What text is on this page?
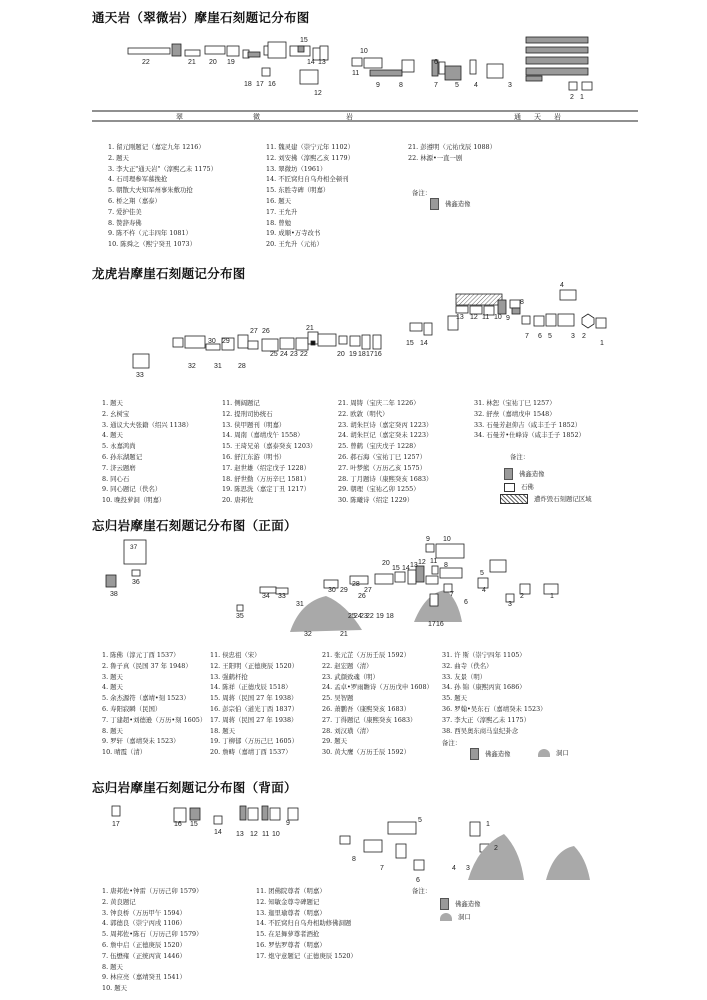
22	21 20 19
18 17 16
15
14 13
12
11
10
9	8	7
6
5 4	3
2 1
翠	微	岩	通 天 岩
1
2
3
4
5
6
7
8
9
10
11
12
13
14
15
16
17
18
19
20
21
22
23
24
25
26
27
28
29
30
31
32
33
1
2
3
4
5
6
7
8
9 10
11
12
13
14
15
16
17
18
19
20
21
22
23
24
25
26
27
28
29
30
31
32
33
34
35
36
37
38
1
2
3
4
5
6
7
8
9
10
11
12
13
14
15
16
17
通天岩（翠微岩）摩崖石刻题记分布图
1. 留元刚题记（嘉定九年 1216）
2. 题天
3. 李大正"通天岩"（淳熙乙未 1175）
4. 石司理参军慕挽抢
5. 朝散大夫知军州事朱敷功抢
6. 桥之翔（嘉泰）
7. 爱护佳美
8. 赞辞寿佛
9. 陈不杵（元丰四年 1081）
10. 陈舜之（熙宁癸丑 1073）
11. 魏灵建（崇宁元年 1102）
12. 刘安拂（淳熙乙亥 1179）
13. 翠微坊（1961）
14. 不匠窝归自乌舟相全顿刊
15. 东胜寺碑（明嘉）
16. 题天
17. 王允升
18. 曾勉
19. 成顺•万寺改书
20. 王允升（元祐）
21. 彭遵明（元祐戊辰 1088）
22. 林源•一直一剧
备注：
佛鑫造像
龙虎岩摩崖石刻题记分布图
1. 题天
2. 幺树宝
3. 通议大夫张籍（绍兴 1138）
4. 题天
5. 永嘉鸿尚
6. 孙东湖题记
7. 济云题磨
8. 同心石
9. 同心题记（佚名）
10. 晚投萝洞（明嘉）
11. 侧阔题记
12. 提刑司协统石
13. 侠甲题刊（明嘉）
14. 周南（嘉靖戊午 1558）
15. 王琦兄弟（嘉泰癸亥 1203）
16. 舒江东游（明书）
17. 赵世雄（绍定戊子 1228）
18. 舒世勤（万历辛巳 1581）
19. 陈思洗（嘉定丁丑 1217）
20. 唐邦佐
21. 周铸（宝庆二年 1226）
22. 欧敦（明代）
23. 胡朱巨诗（嘉定癸丙 1223）
24. 胡朱巨记（嘉定癸未 1223）
25. 曾鹤（宝庆戊子 1228）
26. 郝石海（宝祐丁巳 1257）
27. 叶梦熊（万历乙亥 1575）
28. 丁月题诗（康熙癸亥 1683）
29. 朝理（宝祐乙卯 1255）
30. 陈曦诗（绍定 1229）
31. 林恕（宝祐丁巳 1257）
32. 舒焘（嘉靖戊申 1548）
33. 石曼芳赵仰吉（咸丰壬子 1852）
34. 石曼芳•仕峰诗（咸丰壬子 1852）
备注：
佛鑫造像
石佛
遭炸毁石刻题记区域
忘归岩摩崖石刻题记分布图（正面）
1. 陈佛（淳元丁酉 1537）
2. 鲁子真（民国 37 年 1948）
3. 题天
4. 题天
5. 余杰源符（嘉靖•刻 1523）
6. 寿阳寂瞬（民国）
7. 丁建超•刘德逊（万历•刻 1605）
8. 题天
9. 罗轩（嘉靖癸未 1523）
10. 晴霞（清）
11. 侯忠祖（宋）
12. 王阳明（正德庚辰 1520）
13. 强鹤杆抢
14. 陈祥（正德戊辰 1518）
15. 周蒋（民国 27 年 1938）
16. 彭宗伯（道光丁酉 1837）
17. 周蒋（民国 27 年 1938）
18. 题天
19. 丁柳郁（万历己巳 1605）
20. 詹畴（嘉靖丁酉 1537）
21. 张元芷（万历壬辰 1592）
22. 赵宏题（清）
23. 武颜致魂（明）
24. 孟卓•罗雨瞻诗（万历戊申 1608）
25. 吴智题
26. 萧鹏吾（康熙癸亥 1683）
27. 丁得题记（康熙癸亥 1683）
28. 刘汉璜（清）
29. 题天
30. 黄大鹰（万历壬辰 1592）
31. 许 斯（崇宁四年 1105）
32. 曲寺（佚名）
33. 友景（明）
34. 孙 锦（康熙丙寅 1686）
35. 题天
36. 罗翰•吴东石（嘉靖癸未 1523）
37. 李大正（淳熙乙未 1175）
38. 西吴奥东商马皇纪卦念
备注：
佛鑫造像	洞口
忘归岩摩崖石刻题记分布图（背面）
1. 唐邦佐•钟雷（万历己卯 1579）
2. 黄良题记
3. 钟良桥（万历甲午 1594）
4. 郭德良（崇宁丙戌 1106）
5. 周邦佐•陈石（万历己卯 1579）
6. 詹中启（正德庚辰 1520）
7. 伍懋雍（正统丙寅 1446）
8. 题天
9. 林应亮（嘉靖癸丑 1541）
10. 题天
11. 团佛院尊者（明嘉）
12. 知敏金尊寺碑题记
13. 迦里瑜尊者（明嘉）
14. 不匠窝归自乌舟相助修佛洞题
15. 在足舞萝尊者酒抢
16. 罗怙罗尊者（明嘉）
17. 炮守意题记（正德庚辰 1520）
备注：
佛鑫造像
洞口
